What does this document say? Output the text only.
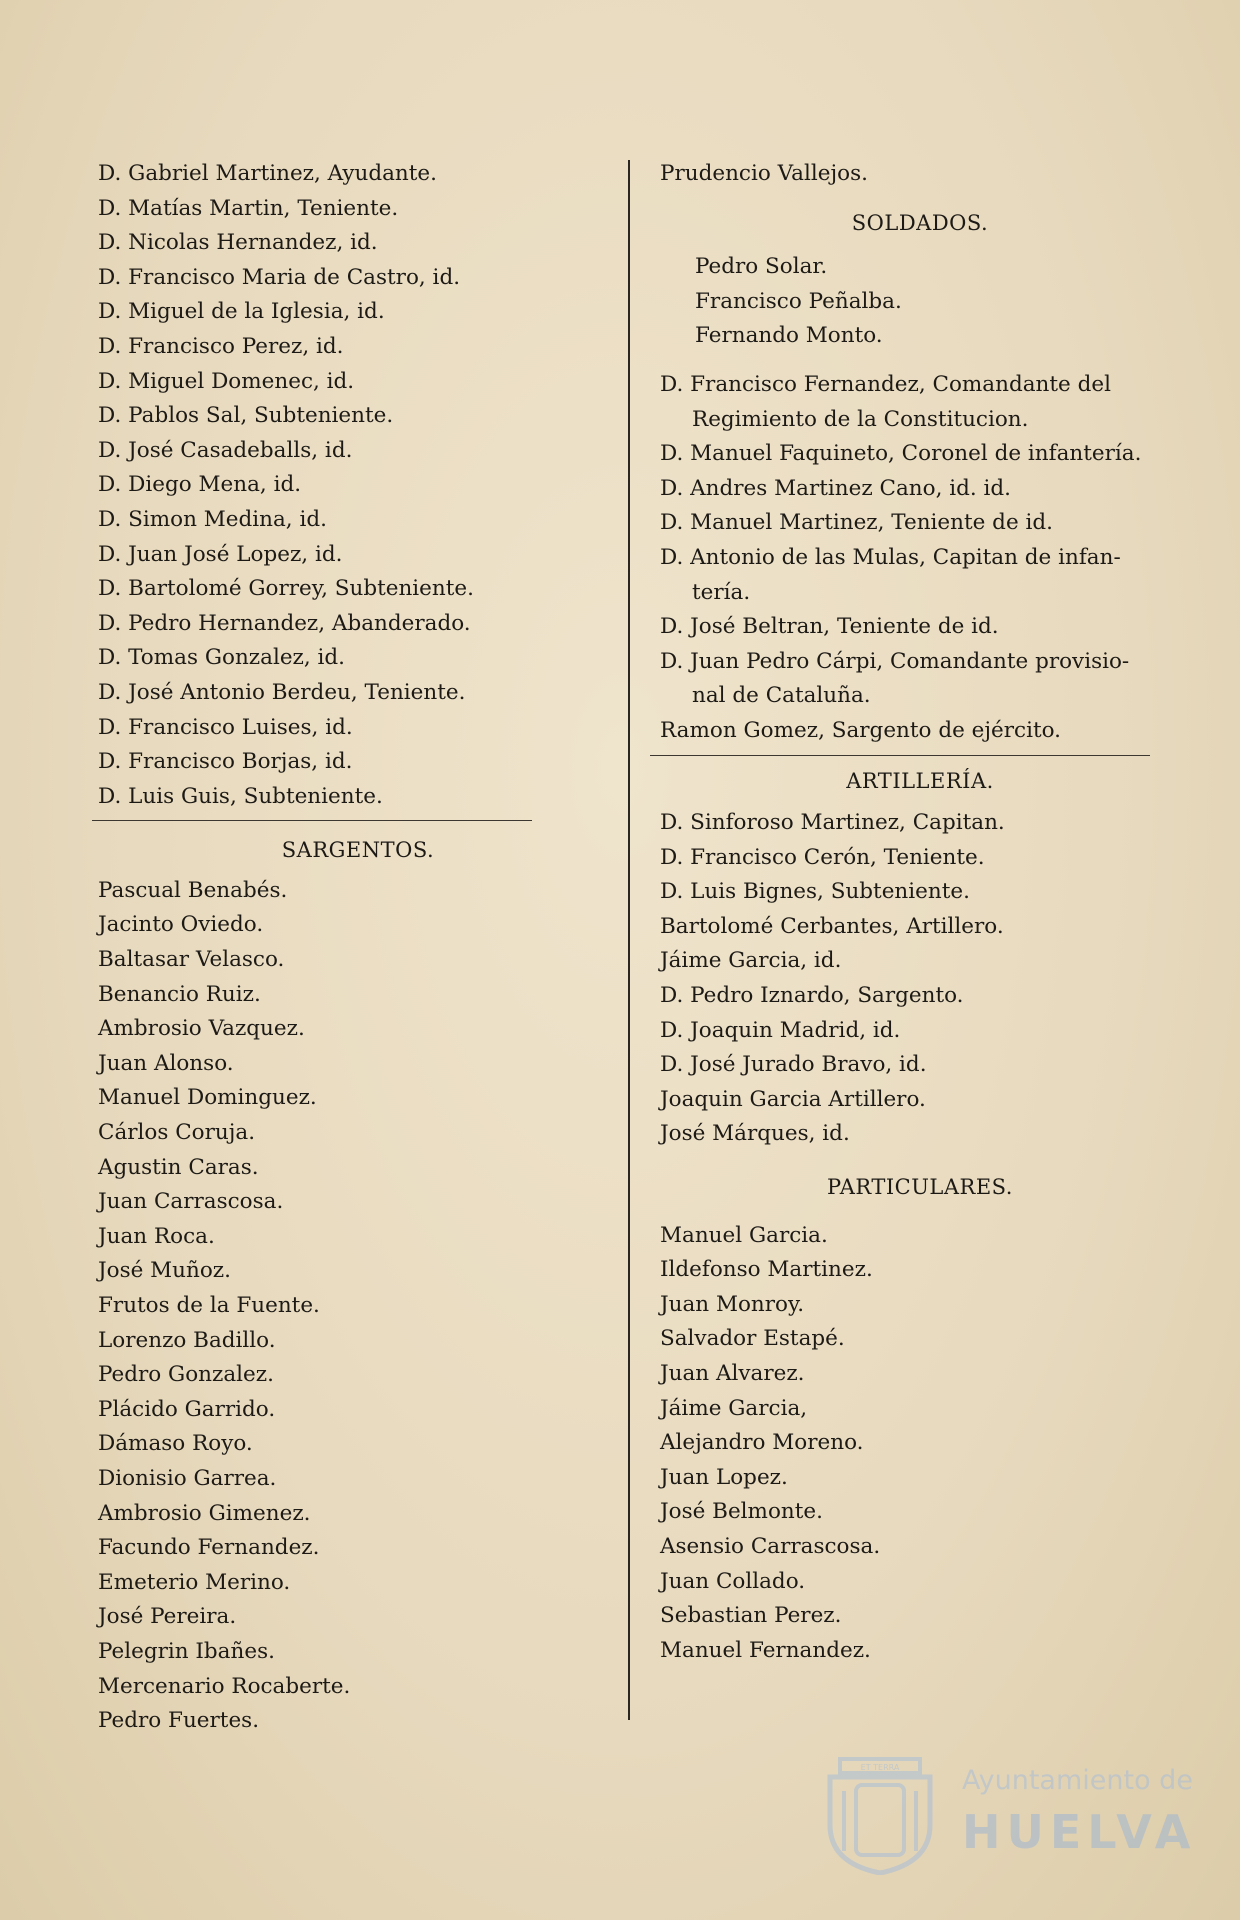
D. Gabriel Martinez, Ayudante.
D. Matías Martin, Teniente.
D. Nicolas Hernandez, id.
D. Francisco Maria de Castro, id.
D. Miguel de la Iglesia, id.
D. Francisco Perez, id.
D. Miguel Domenec, id.
D. Pablos Sal, Subteniente.
D. José Casadeballs, id.
D. Diego Mena, id.
D. Simon Medina, id.
D. Juan José Lopez, id.
D. Bartolomé Gorrey, Subteniente.
D. Pedro Hernandez, Abanderado.
D. Tomas Gonzalez, id.
D. José Antonio Berdeu, Teniente.
D. Francisco Luises, id.
D. Francisco Borjas, id.
D. Luis Guis, Subteniente.
SARGENTOS.
Pascual Benabés.
Jacinto Oviedo.
Baltasar Velasco.
Benancio Ruiz.
Ambrosio Vazquez.
Juan Alonso.
Manuel Dominguez.
Cárlos Coruja.
Agustin Caras.
Juan Carrascosa.
Juan Roca.
José Muñoz.
Frutos de la Fuente.
Lorenzo Badillo.
Pedro Gonzalez.
Plácido Garrido.
Dámaso Royo.
Dionisio Garrea.
Ambrosio Gimenez.
Facundo Fernandez.
Emeterio Merino.
José Pereira.
Pelegrin Ibañes.
Mercenario Rocaberte.
Pedro Fuertes.
Prudencio Vallejos.
SOLDADOS.
Pedro Solar.
Francisco Peñalba.
Fernando Monto.
D. Francisco Fernandez, Comandante del
Regimiento de la Constitucion.
D. Manuel Faquineto, Coronel de infantería.
D. Andres Martinez Cano, id. id.
D. Manuel Martinez, Teniente de id.
D. Antonio de las Mulas, Capitan de infan-
tería.
D. José Beltran, Teniente de id.
D. Juan Pedro Cárpi, Comandante provisio-
nal de Cataluña.
Ramon Gomez, Sargento de ejército.
ARTILLERÍA.
D. Sinforoso Martinez, Capitan.
D. Francisco Cerón, Teniente.
D. Luis Bignes, Subteniente.
Bartolomé Cerbantes, Artillero.
Jáime Garcia, id.
D. Pedro Iznardo, Sargento.
D. Joaquin Madrid, id.
D. José Jurado Bravo, id.
Joaquin Garcia Artillero.
José Márques, id.
PARTICULARES.
Manuel Garcia.
Ildefonso Martinez.
Juan Monroy.
Salvador Estapé.
Juan Alvarez.
Jáime Garcia,
Alejandro Moreno.
Juan Lopez.
José Belmonte.
Asensio Carrascosa.
Juan Collado.
Sebastian Perez.
Manuel Fernandez.
ET TERRA Ayuntamiento de
HUELVA
